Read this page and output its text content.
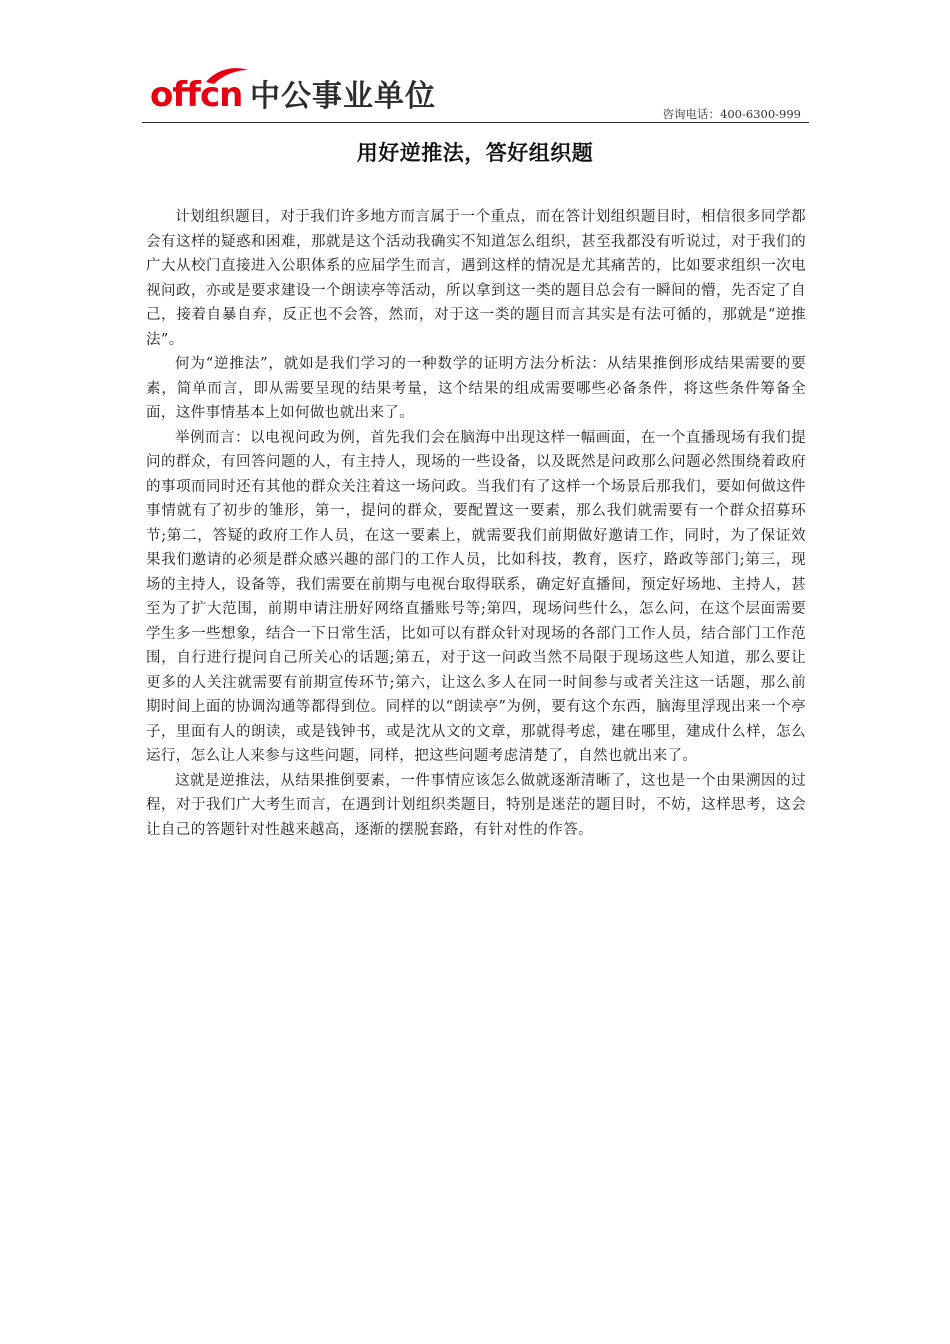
offcn 中公事业单位	咨询电话：400-6300-999
用好逆推法，答好组织题

计划组织题目，对于我们许多地方而言属于一个重点，而在答计划组织题目时，相信很多同学都会有这样的疑惑和困难，那就是这个活动我确实不知道怎么组织，甚至我都没有听说过，对于我们的广大从校门直接进入公职体系的应届学生而言，遇到这样的情况是尤其痛苦的，比如要求组织一次电视问政，亦或是要求建设一个朗读亭等活动，所以拿到这一类的题目总会有一瞬间的懵，先否定了自己，接着自暴自弃，反正也不会答，然而，对于这一类的题目而言其实是有法可循的，那就是“逆推法”。

何为“逆推法”，就如是我们学习的一种数学的证明方法分析法：从结果推倒形成结果需要的要素，简单而言，即从需要呈现的结果考量，这个结果的组成需要哪些必备条件，将这些条件筹备全面，这件事情基本上如何做也就出来了。

举例而言：以电视问政为例，首先我们会在脑海中出现这样一幅画面，在一个直播现场有我们提问的群众，有回答问题的人，有主持人，现场的一些设备，以及既然是问政那么问题必然围绕着政府的事项而同时还有其他的群众关注着这一场问政。当我们有了这样一个场景后那我们，要如何做这件事情就有了初步的雏形，第一，提问的群众，要配置这一要素，那么我们就需要有一个群众招募环节;第二，答疑的政府工作人员，在这一要素上，就需要我们前期做好邀请工作，同时，为了保证效果我们邀请的必须是群众感兴趣的部门的工作人员，比如科技，教育，医疗，路政等部门;第三，现场的主持人，设备等，我们需要在前期与电视台取得联系，确定好直播间，预定好场地、主持人，甚至为了扩大范围，前期申请注册好网络直播账号等;第四，现场问些什么，怎么问，在这个层面需要学生多一些想象，结合一下日常生活，比如可以有群众针对现场的各部门工作人员，结合部门工作范围，自行进行提问自己所关心的话题;第五，对于这一问政当然不局限于现场这些人知道，那么要让更多的人关注就需要有前期宣传环节;第六，让这么多人在同一时间参与或者关注这一话题，那么前期时间上面的协调沟通等都得到位。同样的以“朗读亭”为例，要有这个东西，脑海里浮现出来一个亭子，里面有人的朗读，或是钱钟书，或是沈从文的文章，那就得考虑，建在哪里，建成什么样，怎么运行，怎么让人来参与这些问题，同样，把这些问题考虑清楚了，自然也就出来了。

这就是逆推法，从结果推倒要素，一件事情应该怎么做就逐渐清晰了，这也是一个由果溯因的过程，对于我们广大考生而言，在遇到计划组织类题目，特别是迷茫的题目时，不妨，这样思考，这会让自己的答题针对性越来越高，逐渐的摆脱套路，有针对性的作答。
